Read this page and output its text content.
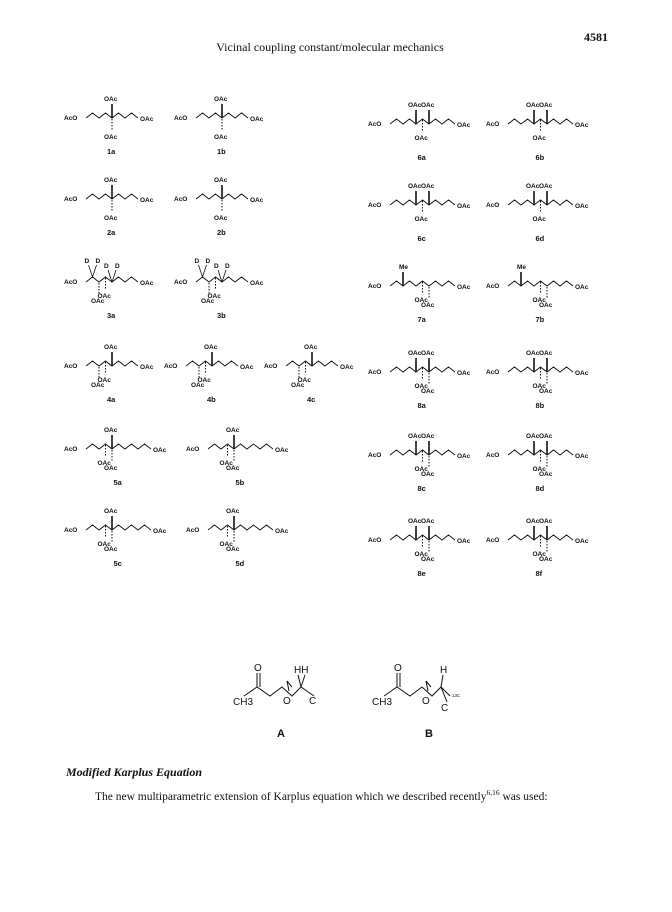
4581
Vicinal coupling constant/molecular mechanics
AcO	OAc
OAc
OAc
1a
AcO	OAc
OAc
OAc
1b
AcO	OAc
OAc
OAc
2a
AcO	OAc
OAc
OAc
2b
AcO	OAc
D D
D D
OAc
OAc
3a
AcO	OAc
D D
D D
OAc
OAc
3b
AcO	OAc
OAc
OAc
OAc
4a
AcO	OAc
OAc
OAc
OAc
4b
AcO	OAc
OAc
OAc
OAc
4c
AcO	OAc
OAc
OAc
OAc
5a
AcO	OAc
OAc
OAc
OAc
5b
AcO	OAc
OAc
OAc
OAc
5c
AcO	OAc
OAc
OAc
OAc
5d
AcO	OAc
OAc OAc
OAc
6a
AcO	OAc
OAc OAc
OAc
6b
AcO	OAc
OAc OAc
OAc
6c
AcO	OAc
OAc OAc
OAc
6d
AcO	OAc
Me
OAc
OAc
7a
AcO	OAc
Me
OAc
OAc
7b
AcO	OAc
OAc OAc
OAc
OAc
8a
AcO	OAc
OAc OAc
OAc
OAc
8b
AcO	OAc
OAc OAc
OAc
OAc
8c
AcO	OAc
OAc OAc
OAc
OAc
8d
AcO	OAc
OAc OAc
OAc
OAc
8e
AcO	OAc
OAc OAc
OAc
OAc
8f
CH3
O
O
HH
C
A
CH3
O
O
H
13C
C
B
Modified Karplus Equation
The new multiparametric extension of Karplus equation which we described recently$^{6,16}$ was used:
